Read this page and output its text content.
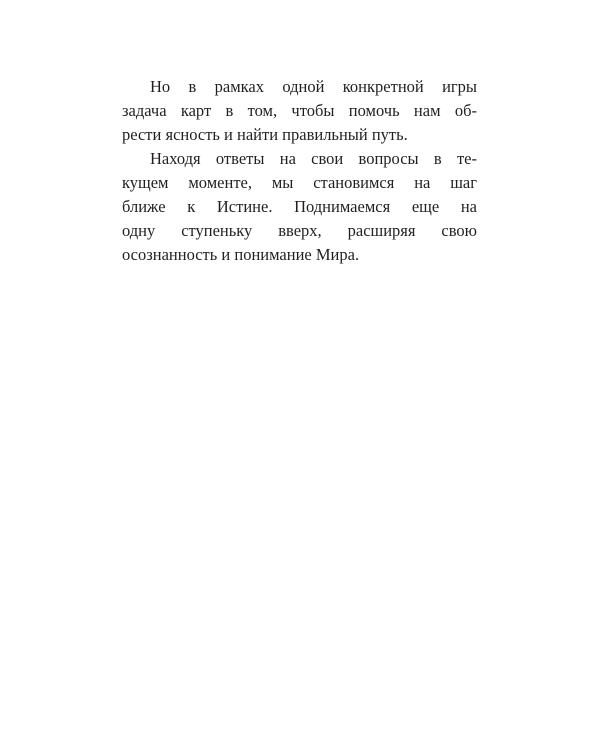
Но в рамках одной конкретной игры
задача карт в том, чтобы помочь нам об-
рести ясность и найти правильный путь.
Находя ответы на свои вопросы в те-
кущем моменте, мы становимся на шаг
ближе к Истине. Поднимаемся еще на
одну ступеньку вверх, расширяя свою
осознанность и понимание Мира.
